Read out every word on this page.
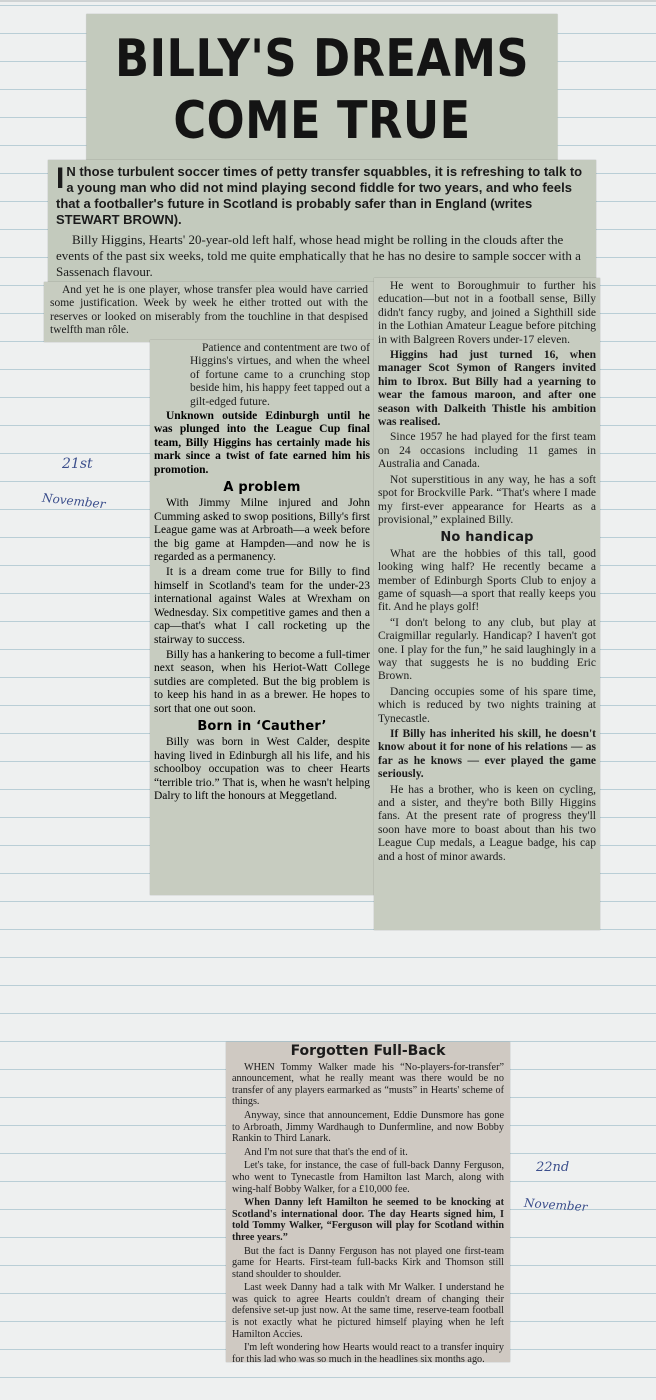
BILLY'S DREAMS
COME TRUE

I N those turbulent soccer times of petty transfer squabbles, it is refreshing to talk to a young man who did not mind playing second fiddle for two years, and who feels that a footballer's future in Scotland is probably safer than in England (writes STEWART BROWN).

Billy Higgins, Hearts' 20-year-old left half, whose head might be rolling in the clouds after the events of the past six weeks, told me quite emphatically that he has no desire to sample soccer with a Sassenach flavour.

And yet he is one player, whose transfer plea would have carried some justification. Week by week he either trotted out with the reserves or looked on miserably from the touchline in that despised twelfth man rôle.

Patience and contentment are two of Higgins's virtues, and when the wheel of fortune came to a crunching stop beside him, his happy feet tapped out a gilt-edged future.

Unknown outside Edinburgh until he was plunged into the League Cup final team, Billy Higgins has certainly made his mark since a twist of fate earned him his promotion.

A problem

With Jimmy Milne injured and John Cumming asked to swop positions, Billy's first League game was at Arbroath—a week before the big game at Hampden—and now he is regarded as a permanency.

It is a dream come true for Billy to find himself in Scotland's team for the under-23 international against Wales at Wrexham on Wednesday. Six competitive games and then a cap—that's what I call rocketing up the stairway to success.

Billy has a hankering to become a full-timer next season, when his Heriot-Watt College sutdies are completed. But the big problem is to keep his hand in as a brewer. He hopes to sort that one out soon.

Born in ‘Cauther’

Billy was born in West Calder, despite having lived in Edinburgh all his life, and his schoolboy occupation was to cheer Hearts “terrible trio.” That is, when he wasn't helping Dalry to lift the honours at Meggetland.

He went to Boroughmuir to further his education—but not in a football sense, Billy didn't fancy rugby, and joined a Sighthill side in the Lothian Amateur League before pitching in with Balgreen Rovers under-17 eleven.

Higgins had just turned 16, when manager Scot Symon of Rangers invited him to Ibrox. But Billy had a yearning to wear the famous maroon, and after one season with Dalkeith Thistle his ambition was realised.

Since 1957 he had played for the first team on 24 occasions including 11 games in Australia and Canada.

Not superstitious in any way, he has a soft spot for Brockville Park. “That's where I made my first-ever appearance for Hearts as a provisional,” explained Billy.

No handicap

What are the hobbies of this tall, good looking wing half? He recently became a member of Edinburgh Sports Club to enjoy a game of squash—a sport that really keeps you fit. And he plays golf!

“I don't belong to any club, but play at Craigmillar regularly. Handicap? I haven't got one. I play for the fun,” he said laughingly in a way that suggests he is no budding Eric Brown.

Dancing occupies some of his spare time, which is reduced by two nights training at Tynecastle.

If Billy has inherited his skill, he doesn't know about it for none of his relations — as far as he knows — ever played the game seriously.

He has a brother, who is keen on cycling, and a sister, and they're both Billy Higgins fans. At the present rate of progress they'll soon have more to boast about than his two League Cup medals, a League badge, his cap and a host of minor awards.

21st
November
Forgotten Full-Back

WHEN Tommy Walker made his “No-players-for-transfer” announcement, what he really meant was there would be no transfer of any players earmarked as “musts” in Hearts' scheme of things.

Anyway, since that announcement, Eddie Dunsmore has gone to Arbroath, Jimmy Wardhaugh to Dunfermline, and now Bobby Rankin to Third Lanark.

And I'm not sure that that's the end of it.

Let's take, for instance, the case of full-back Danny Ferguson, who went to Tynecastle from Hamilton last March, along with wing-half Bobby Walker, for a £10,000 fee.

When Danny left Hamilton he seemed to be knocking at Scotland's international door. The day Hearts signed him, I told Tommy Walker, “Ferguson will play for Scotland within three years.”

But the fact is Danny Ferguson has not played one first-team game for Hearts. First-team full-backs Kirk and Thomson still stand shoulder to shoulder.

Last week Danny had a talk with Mr Walker. I understand he was quick to agree Hearts couldn't dream of changing their defensive set-up just now. At the same time, reserve-team football is not exactly what he pictured himself playing when he left Hamilton Accies.

I'm left wondering how Hearts would react to a transfer inquiry for this lad who was so much in the headlines six months ago.

22nd
November
